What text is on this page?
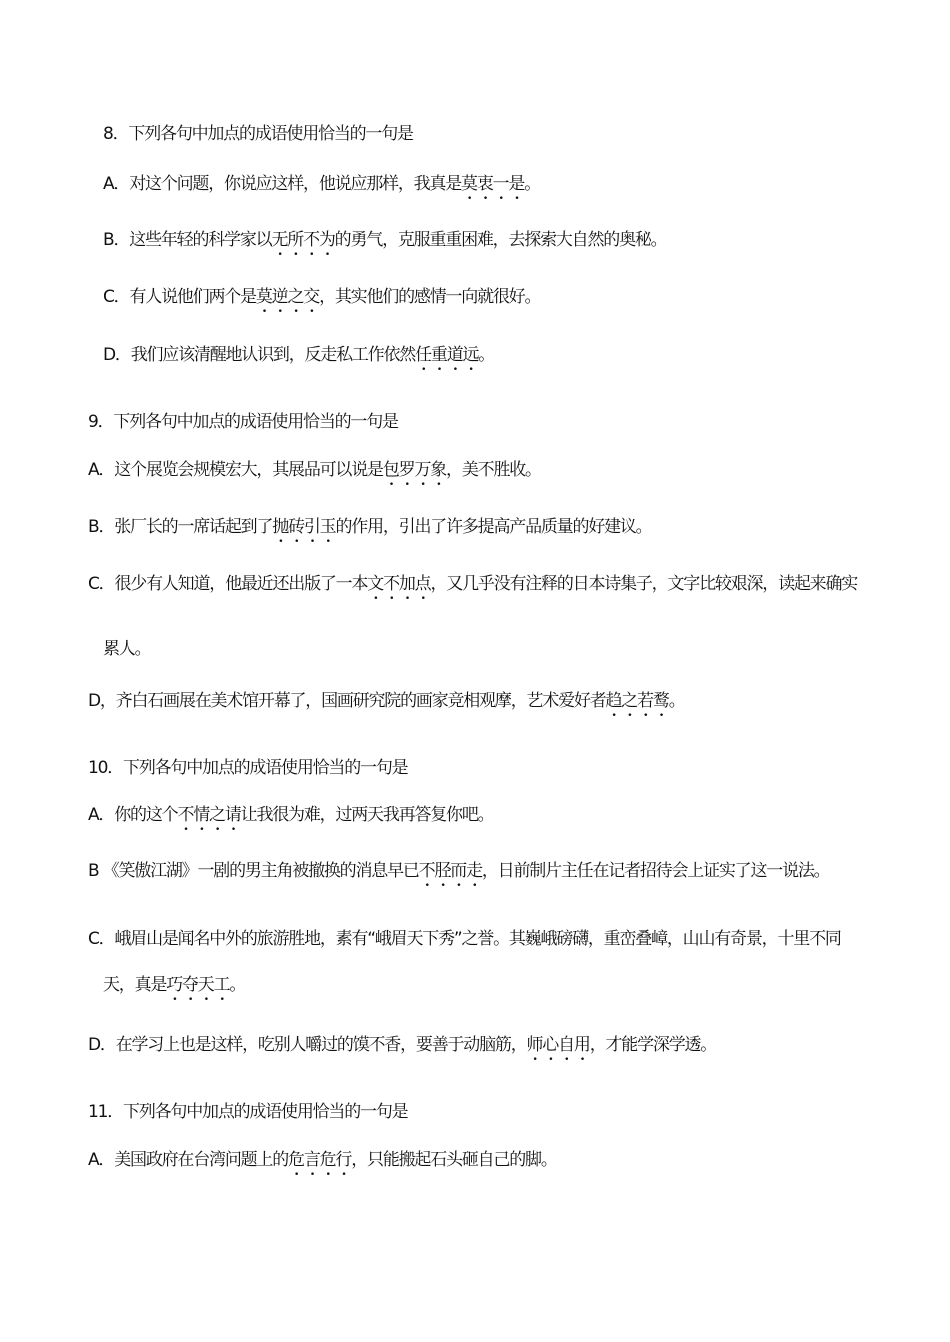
8．下列各句中加点的成语使用恰当的一句是
A．对这个问题，你说应这样，他说应那样，我真是莫衷一是。
B．这些年轻的科学家以无所不为的勇气，克服重重困难，去探索大自然的奥秘。
C．有人说他们两个是莫逆之交，其实他们的感情一向就很好。
D．我们应该清醒地认识到，反走私工作依然任重道远。
9．下列各句中加点的成语使用恰当的一句是
A．这个展览会规模宏大，其展品可以说是包罗万象，美不胜收。
B．张厂长的一席话起到了抛砖引玉的作用，引出了许多提高产品质量的好建议。
C．很少有人知道，他最近还出版了一本文不加点，又几乎没有注释的日本诗集子，文字比较艰深，读起来确实
累人。
D，齐白石画展在美术馆开幕了，国画研究院的画家竞相观摩，艺术爱好者趋之若鹜。
10．下列各句中加点的成语使用恰当的一句是
A．你的这个不情之请让我很为难，过两天我再答复你吧。
B 《笑傲江湖》一剧的男主角被撤换的消息早已不胫而走，日前制片主任在记者招待会上证实了这一说法。
C．峨眉山是闻名中外的旅游胜地，素有“峨眉天下秀”之誉。其巍峨磅礴，重峦叠嶂，山山有奇景，十里不同
天，真是巧夺天工。
D．在学习上也是这样，吃别人嚼过的馍不香，要善于动脑筋，师心自用，才能学深学透。
11．下列各句中加点的成语使用恰当的一句是
A．美国政府在台湾问题上的危言危行，只能搬起石头砸自己的脚。
